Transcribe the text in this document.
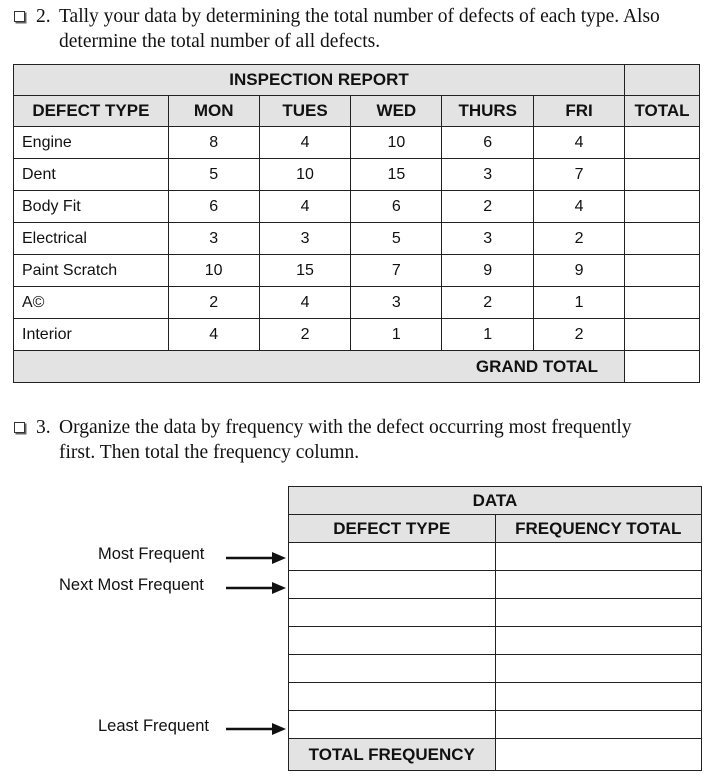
2. Tally your data by determining the total number of defects of each type. Also
determine the total number of all defects.
INSPECTION REPORT						
DEFECT TYPE	MON	TUES	WED	THURS	FRI	TOTAL
Engine	8	4	10	6	4	
Dent	5	10	15	3	7	
Body Fit	6	4	6	2	4	
Electrical	3	3	5	3	2	
Paint Scratch	10	15	7	9	9	
A©	2	4	3	2	1	
Interior	4	2	1	1	2	
GRAND TOTAL						
3. Organize the data by frequency with the defect occurring most frequently
first. Then total the frequency column.
DATA	
DEFECT TYPE	FREQUENCY TOTAL

TOTAL FREQUENCY	
Most Frequent
Next Most Frequent
Least Frequent
